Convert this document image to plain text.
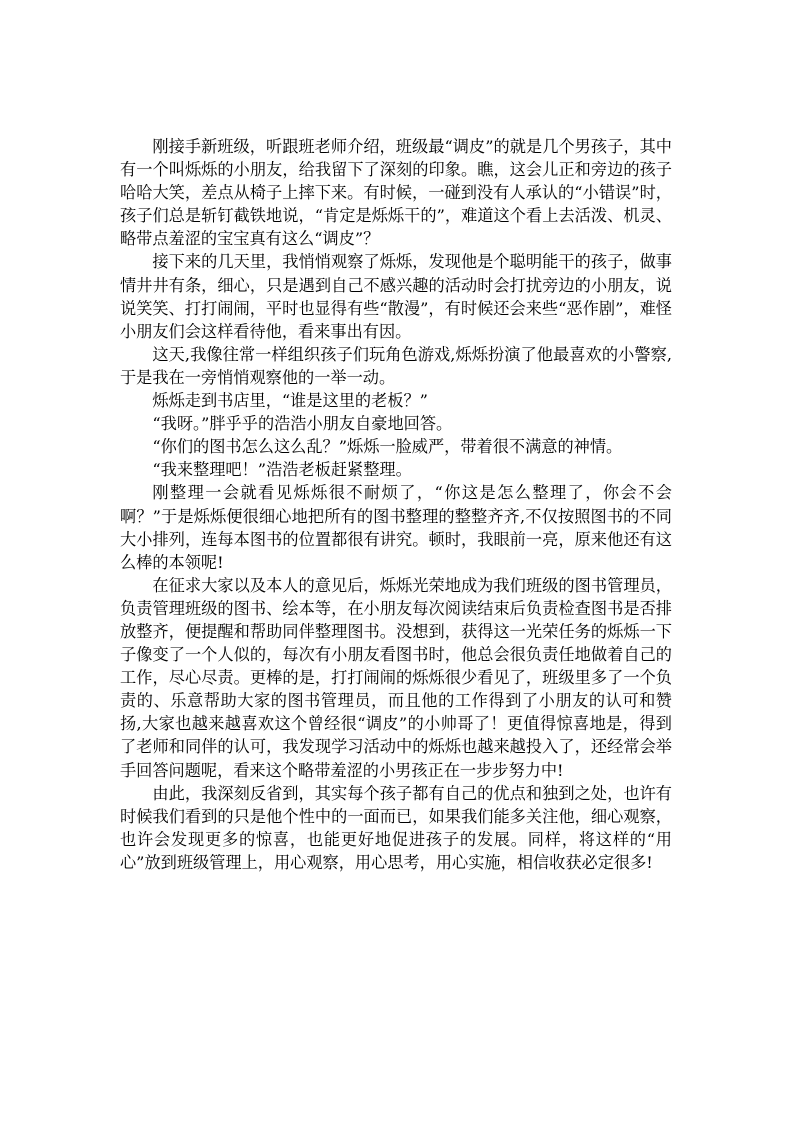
刚接手新班级，听跟班老师介绍，班级最“调皮”的就是几个男孩子，其中有一个叫烁烁的小朋友，给我留下了深刻的印象。瞧，这会儿正和旁边的孩子哈哈大笑，差点从椅子上摔下来。有时候，一碰到没有人承认的“小错误”时，孩子们总是斩钉截铁地说，“肯定是烁烁干的”，难道这个看上去活泼、机灵、略带点羞涩的宝宝真有这么“调皮”？

接下来的几天里，我悄悄观察了烁烁，发现他是个聪明能干的孩子，做事情井井有条，细心，只是遇到自己不感兴趣的活动时会打扰旁边的小朋友，说说笑笑、打打闹闹，平时也显得有些“散漫”，有时候还会来些“恶作剧”，难怪小朋友们会这样看待他，看来事出有因。

这天,我像往常一样组织孩子们玩角色游戏,烁烁扮演了他最喜欢的小警察,于是我在一旁悄悄观察他的一举一动。

烁烁走到书店里，“谁是这里的老板？”

“我呀。”胖乎乎的浩浩小朋友自豪地回答。

“你们的图书怎么这么乱？”烁烁一脸威严，带着很不满意的神情。

“我来整理吧！”浩浩老板赶紧整理。

刚整理一会就看见烁烁很不耐烦了，“你这是怎么整理了，你会不会啊？”于是烁烁便很细心地把所有的图书整理的整整齐齐,不仅按照图书的不同大小排列，连每本图书的位置都很有讲究。顿时，我眼前一亮，原来他还有这么棒的本领呢!

在征求大家以及本人的意见后，烁烁光荣地成为我们班级的图书管理员，负责管理班级的图书、绘本等，在小朋友每次阅读结束后负责检查图书是否排放整齐，便提醒和帮助同伴整理图书。没想到，获得这一光荣任务的烁烁一下子像变了一个人似的，每次有小朋友看图书时，他总会很负责任地做着自己的工作，尽心尽责。更棒的是，打打闹闹的烁烁很少看见了，班级里多了一个负责的、乐意帮助大家的图书管理员，而且他的工作得到了小朋友的认可和赞扬,大家也越来越喜欢这个曾经很“调皮”的小帅哥了！更值得惊喜地是，得到了老师和同伴的认可，我发现学习活动中的烁烁也越来越投入了，还经常会举手回答问题呢，看来这个略带羞涩的小男孩正在一步步努力中!

由此，我深刻反省到，其实每个孩子都有自己的优点和独到之处，也许有时候我们看到的只是他个性中的一面而已，如果我们能多关注他，细心观察，也许会发现更多的惊喜，也能更好地促进孩子的发展。同样，将这样的“用心”放到班级管理上，用心观察，用心思考，用心实施，相信收获必定很多!
